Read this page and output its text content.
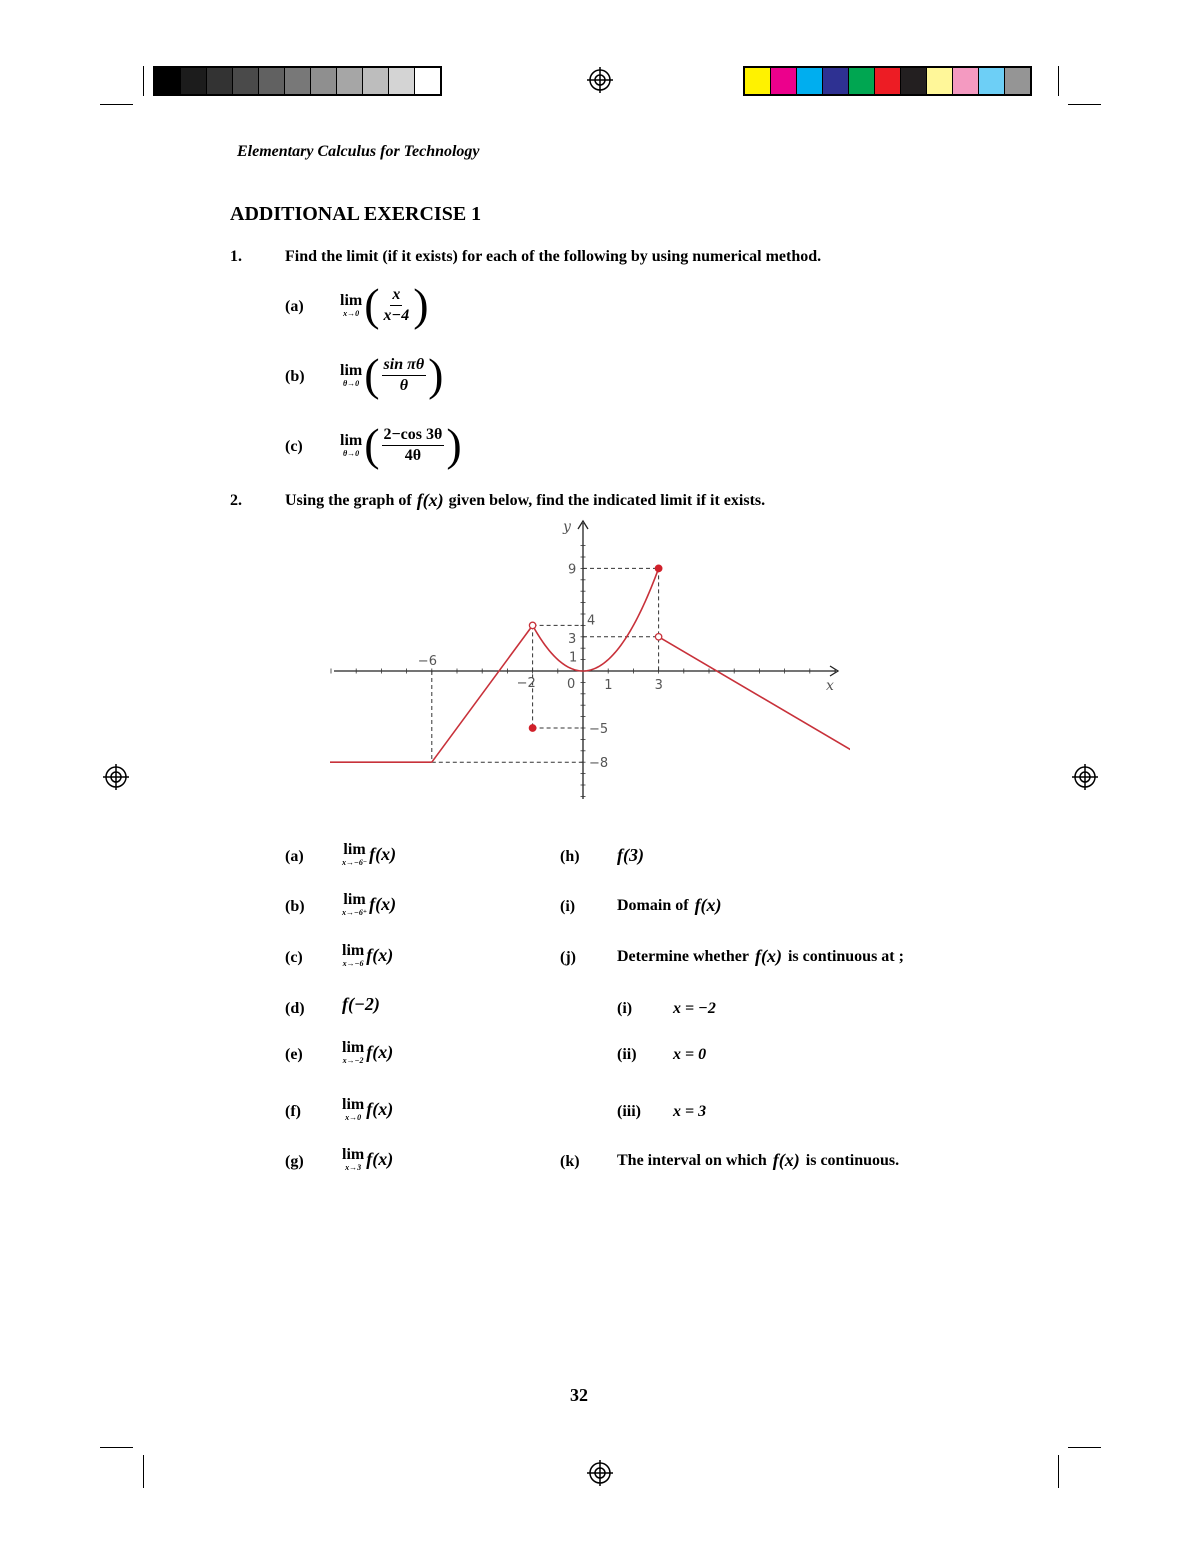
Elementary Calculus for Technology
ADDITIONAL EXERCISE 1
1.	Find the limit (if it exists) for each of the following by using numerical method.
(a) lim
x→0 ( $\frac{x}{x-4}$ )
(b) lim
θ→0 ( $\frac{\text{sin πθ}}{\theta}$ )
(c) lim
θ→0 ( $\frac{2-\cos 3\theta}{4\theta}$ )
2.	Using the graph of f(x) given below, find the indicated limit if it exists.
x
y
−6
−2 0 1	3
9
4
3
1
−5
−8
(a) lim
x→−6⁻ f(x)
(b) lim
x→−6⁺ f(x)
(c) lim
x→−6 f(x)
(d) f(−2)
(e) lim
x→−2 f(x)
(f)	lim
x→0 f(x)
(g) lim
x→3 f(x)
(h) f(3)
(i)	Domain of f(x)
(j)	Determine whether f(x) is continuous at ;
(i)	x = −2
(ii) x = 0
(iii) x = 3
(k) The interval on which f(x) is continuous.
32
